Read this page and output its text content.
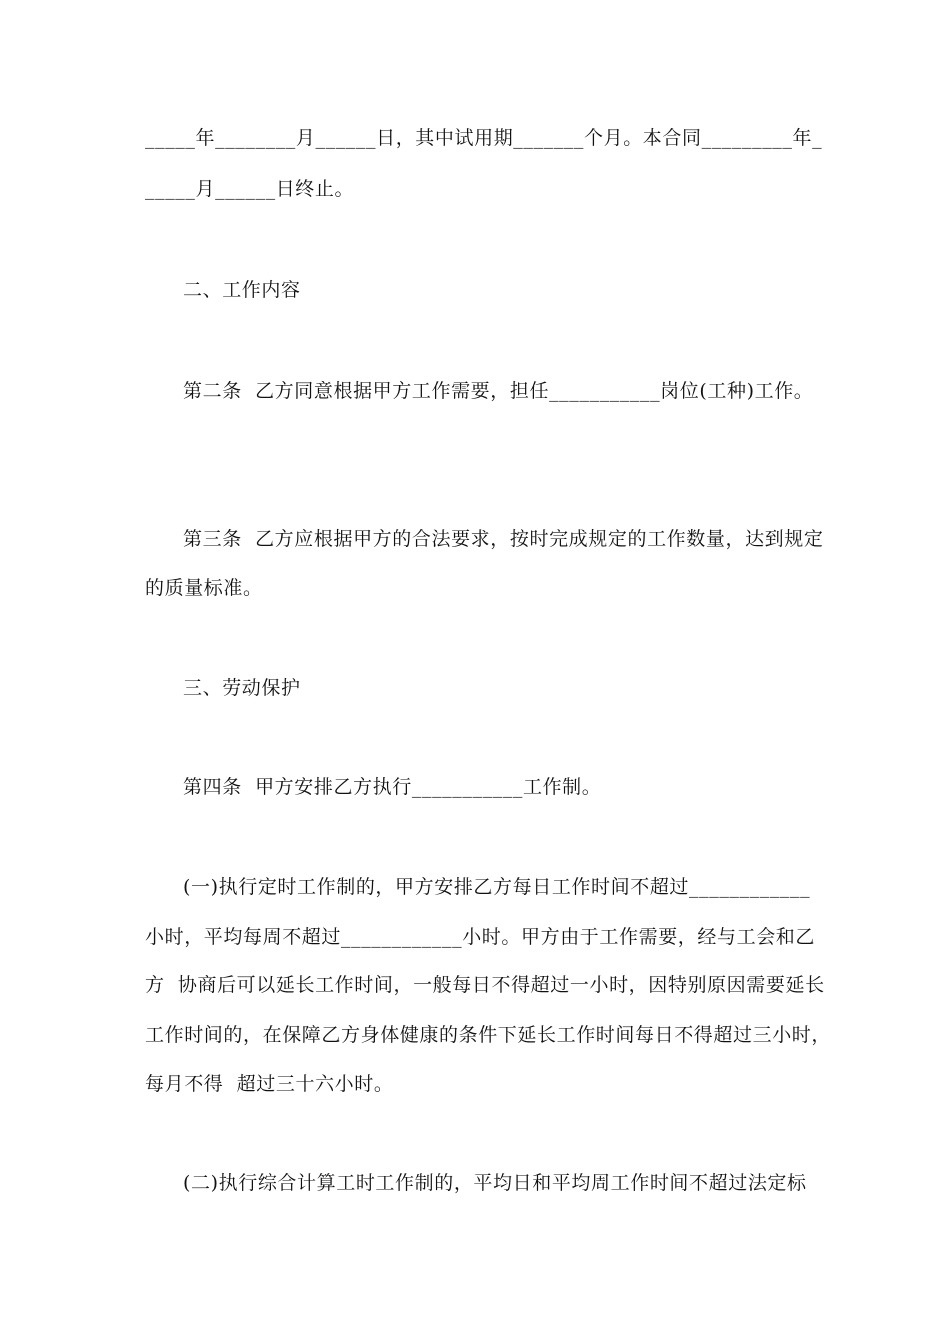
_____年________月______日，其中试用期_______个月。本合同_________年_
_____月______日终止。
二、工作内容
第二条  乙方同意根据甲方工作需要，担任___________岗位(工种)工作。
第三条  乙方应根据甲方的合法要求，按时完成规定的工作数量，达到规定
的质量标准。
三、劳动保护
第四条  甲方安排乙方执行___________工作制。
(一)执行定时工作制的，甲方安排乙方每日工作时间不超过____________
小时，平均每周不超过____________小时。甲方由于工作需要，经与工会和乙
方  协商后可以延长工作时间，一般每日不得超过一小时，因特别原因需要延长
工作时间的，在保障乙方身体健康的条件下延长工作时间每日不得超过三小时，
每月不得  超过三十六小时。
(二)执行综合计算工时工作制的，平均日和平均周工作时间不超过法定标
